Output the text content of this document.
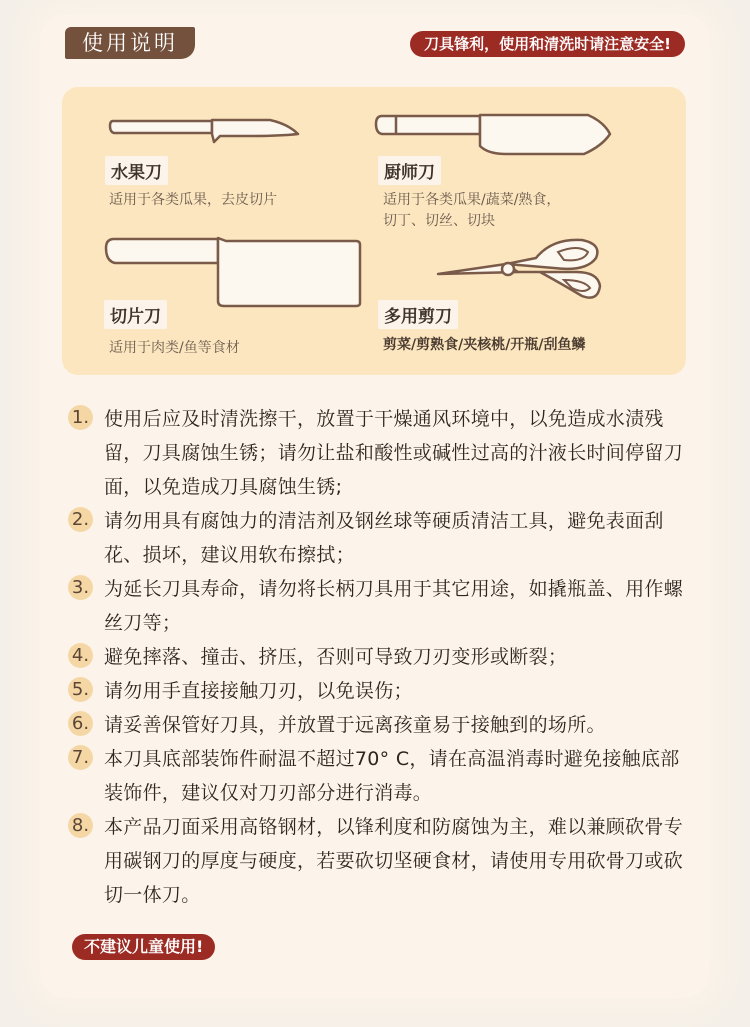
使用说明	刀具锋利，使用和清洗时请注意安全!
水果刀
适用于各类瓜果，去皮切片
厨师刀
适用于各类瓜果/蔬菜/熟食，
切丁、切丝、切块
切片刀
适用于肉类/鱼等食材
多用剪刀
剪菜/剪熟食/夹核桃/开瓶/刮鱼鳞
1. 使用后应及时清洗擦干，放置于干燥通风环境中，以免造成水渍残留，刀具腐蚀生锈；请勿让盐和酸性或碱性过高的汁液长时间停留刀面，以免造成刀具腐蚀生锈;
2. 请勿用具有腐蚀力的清洁剂及钢丝球等硬质清洁工具，避免表面刮花、损坏，建议用软布擦拭；
3. 为延长刀具寿命，请勿将长柄刀具用于其它用途，如撬瓶盖、用作螺丝刀等；
4. 避免摔落、撞击、挤压，否则可导致刀刃变形或断裂；
5. 请勿用手直接接触刀刃，以免误伤；
6. 请妥善保管好刀具，并放置于远离孩童易于接触到的场所。
7. 本刀具底部装饰件耐温不超过70° C，请在高温消毒时避免接触底部装饰件，建议仅对刀刃部分进行消毒。
8. 本产品刀面采用高铬钢材，以锋利度和防腐蚀为主，难以兼顾砍骨专用碳钢刀的厚度与硬度，若要砍切坚硬食材，请使用专用砍骨刀或砍切一体刀。
不建议儿童使用!
